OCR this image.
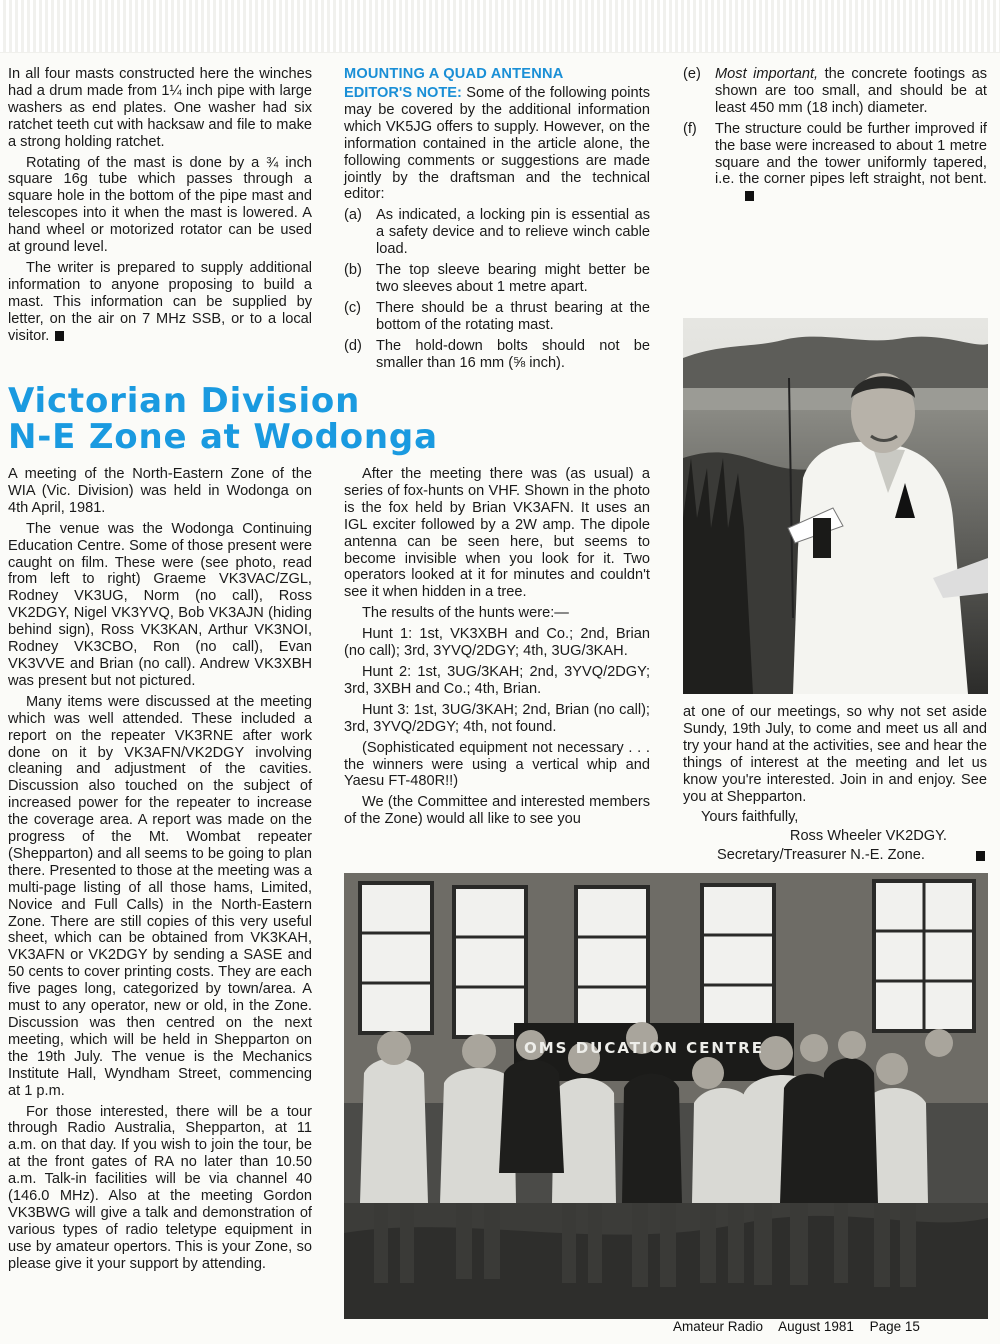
In all four masts constructed here the winches had a drum made from 1¼ inch pipe with large washers as end plates. One washer had six ratchet teeth cut with hacksaw and file to make a strong holding ratchet.

Rotating of the mast is done by a ¾ inch square 16g tube which passes through a square hole in the bottom of the pipe mast and telescopes into it when the mast is lowered. A hand wheel or motorized rotator can be used at ground level.

The writer is prepared to supply additional information to anyone proposing to build a mast. This information can be supplied by letter, on the air on 7 MHz SSB, or to a local visitor.

MOUNTING A QUAD ANTENNA

EDITOR'S NOTE: Some of the following points may be covered by the additional information which VK5JG offers to supply. However, on the information contained in the article alone, the following comments or suggestions are made jointly by the draftsman and the technical editor:

(a) As indicated, a locking pin is essential as a safety device and to relieve winch cable load.
(b) The top sleeve bearing might better be two sleeves about 1 metre apart.
(c) There should be a thrust bearing at the bottom of the rotating mast.
(d) The hold-down bolts should not be smaller than 16 mm (⅝ inch).
(e) Most important, the concrete footings as shown are too small, and should be at least 450 mm (18 inch) diameter.
(f) The structure could be further improved if the base were increased to about 1 metre square and the tower uniformly tapered, i.e. the corner pipes left straight, not bent.
Victorian Division
N-E Zone at Wodonga

A meeting of the North-Eastern Zone of the WIA (Vic. Division) was held in Wodonga on 4th April, 1981.

The venue was the Wodonga Continuing Education Centre. Some of those present were caught on film. These were (see photo, read from left to right) Graeme VK3VAC/ZGL, Rodney VK3UG, Norm (no call), Ross VK2DGY, Nigel VK3YVQ, Bob VK3AJN (hiding behind sign), Ross VK3KAN, Arthur VK3NOI, Rodney VK3CBO, Ron (no call), Evan VK3VVE and Brian (no call). Andrew VK3XBH was present but not pictured.

Many items were discussed at the meeting which was well attended. These included a report on the repeater VK3RNE after work done on it by VK3AFN/VK2DGY involving cleaning and adjustment of the cavities. Discussion also touched on the subject of increased power for the repeater to increase the coverage area. A report was made on the progress of the Mt. Wombat repeater (Shepparton) and all seems to be going to plan there. Presented to those at the meeting was a multi-page listing of all those hams, Limited, Novice and Full Calls) in the North-Eastern Zone. There are still copies of this very useful sheet, which can be obtained from VK3KAH, VK3AFN or VK2DGY by sending a SASE and 50 cents to cover printing costs. They are each five pages long, categorized by town/area. A must to any operator, new or old, in the Zone. Discussion was then centred on the next meeting, which will be held in Shepparton on the 19th July. The venue is the Mechanics Institute Hall, Wyndham Street, commencing at 1 p.m.

For those interested, there will be a tour through Radio Australia, Shepparton, at 11 a.m. on that day. If you wish to join the tour, be at the front gates of RA no later than 10.50 a.m. Talk-in facilities will be via channel 40 (146.0 MHz). Also at the meeting Gordon VK3BWG will give a talk and demonstration of various types of radio teletype equipment in use by amateur opertors. This is your Zone, so please give it your support by attending.

After the meeting there was (as usual) a series of fox-hunts on VHF. Shown in the photo is the fox held by Brian VK3AFN. It uses an IGL exciter followed by a 2W amp. The dipole antenna can be seen here, but seems to become invisible when you look for it. Two operators looked at it for minutes and couldn't see it when hidden in a tree.

The results of the hunts were:—

Hunt 1: 1st, VK3XBH and Co.; 2nd, Brian (no call); 3rd, 3YVQ/2DGY; 4th, 3UG/3KAH.

Hunt 2: 1st, 3UG/3KAH; 2nd, 3YVQ/2DGY; 3rd, 3XBH and Co.; 4th, Brian.

Hunt 3: 1st, 3UG/3KAH; 2nd, Brian (no call); 3rd, 3YVQ/2DGY; 4th, not found.

(Sophisticated equipment not necessary . . . the winners were using a vertical whip and Yaesu FT-480R!!)

We (the Committee and interested members of the Zone) would all like to see you

at one of our meetings, so why not set aside Sundy, 19th July, to come and meet us all and try your hand at the activities, see and hear the things of interest at the meeting and let us know you're interested. Join in and enjoy. See you at Shepparton.

Yours faithfully,

Ross Wheeler VK2DGY.
Secretary/Treasurer N.-E. Zone.
OMS DUCATION CENTRE
Amateur Radio August 1981 Page 15
